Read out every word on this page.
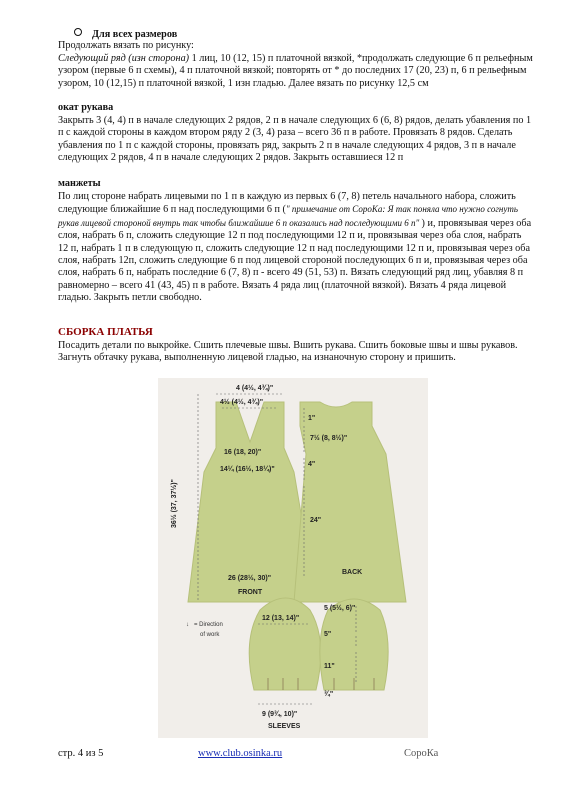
Для всех размеров
Продолжать вязать по рисунку:
Следующий ряд (изн сторона) 1 лиц, 10 (12, 15) п платочной вязкой, *продолжать следующие 6 п рельефным узором (первые 6 п схемы), 4 п платочной вязкой; повторять от * до последних 17 (20, 23) п, 6 п рельефным узором, 10 (12,15) п платочной вязкой, 1 изн гладью. Далее вязать по рисунку 12,5 см
окат рукава
Закрыть 3 (4, 4) п в начале следующих 2 рядов, 2 п в начале следующих 6 (6, 8) рядов, делать убавления по 1 п с каждой стороны в каждом втором ряду 2 (3, 4) раза – всего 36 п в работе. Провязать 8 рядов. Сделать убавления по 1 п с каждой стороны, провязать ряд, закрыть 2 п в начале следующих 4 рядов, 3 п в начале следующих 2 рядов, 4 п в начале следующих 2 рядов. Закрыть оставшиеся 12 п
манжеты
По лиц стороне набрать лицевыми по 1 п в каждую из первых 6 (7, 8) петель начального набора, сложить следующие ближайшие 6 п над последующими 6 п (" примечание от СороКа: Я так поняла что нужно согнуть рукав лицевой стороной внутрь так чтобы ближайшие 6 п оказались над последующими 6 п" ) и, провязывая через оба слоя, набрать 6 п, сложить следующие 12 п под последующими 12 п и, провязывая через оба слоя, набрать 12 п, набрать 1 п в следующую п, сложить следующие 12 п над последующими 12 п и, провязывая через оба слоя, набрать 12п, сложить следующие 6 п под лицевой стороной последующих 6 п и, провязывая через оба слоя, набрать 6 п, набрать последние 6 (7, 8) п - всего 49 (51, 53) п. Вязать следующий ряд лиц, убавляя 8 п равномерно – всего 41 (43, 45) п в работе. Вязать 4 ряда лиц (платочной вязкой). Вязать 4 ряда лицевой гладью. Закрыть петли свободно.
СБОРКА ПЛАТЬЯ
Посадить детали по выкройке. Сшить плечевые швы. Вшить рукава. Сшить боковые швы и швы рукавов. Загнуть обтачку рукава, выполненную лицевой гладью, на изнаночную сторону и пришить.
4 (4½, 4¾)"
4½ (4½, 4¾)"
16 (18, 20)"
14¼ (16½, 18¼)"
36½ (37, 37½)"
26 (28½, 30)"
FRONT
BACK
1"
7½ (8, 8½)"
4"
24"
↓ = Direction
of work
12 (13, 14)"
5 (5½, 6)"
5"
11"
¾"
9 (9¾, 10)"
SLEEVES
стр. 4 из 5	www.club.osinka.ru	СороКа
